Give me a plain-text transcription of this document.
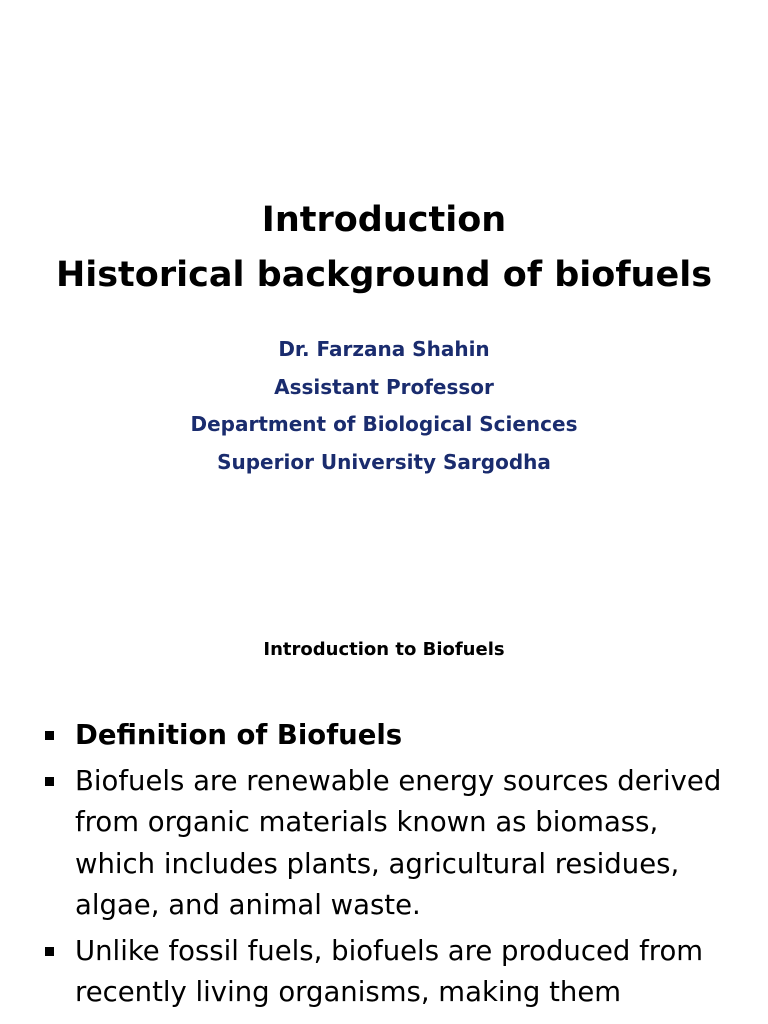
Introduction
Historical background of biofuels
Dr. Farzana Shahin
Assistant Professor
Department of Biological Sciences
Superior University Sargodha
Introduction to Biofuels
Definition of Biofuels
Biofuels are renewable energy sources derived from organic materials known as biomass, which includes plants, agricultural residues, algae, and animal waste.
Unlike fossil fuels, biofuels are produced from recently living organisms, making them
